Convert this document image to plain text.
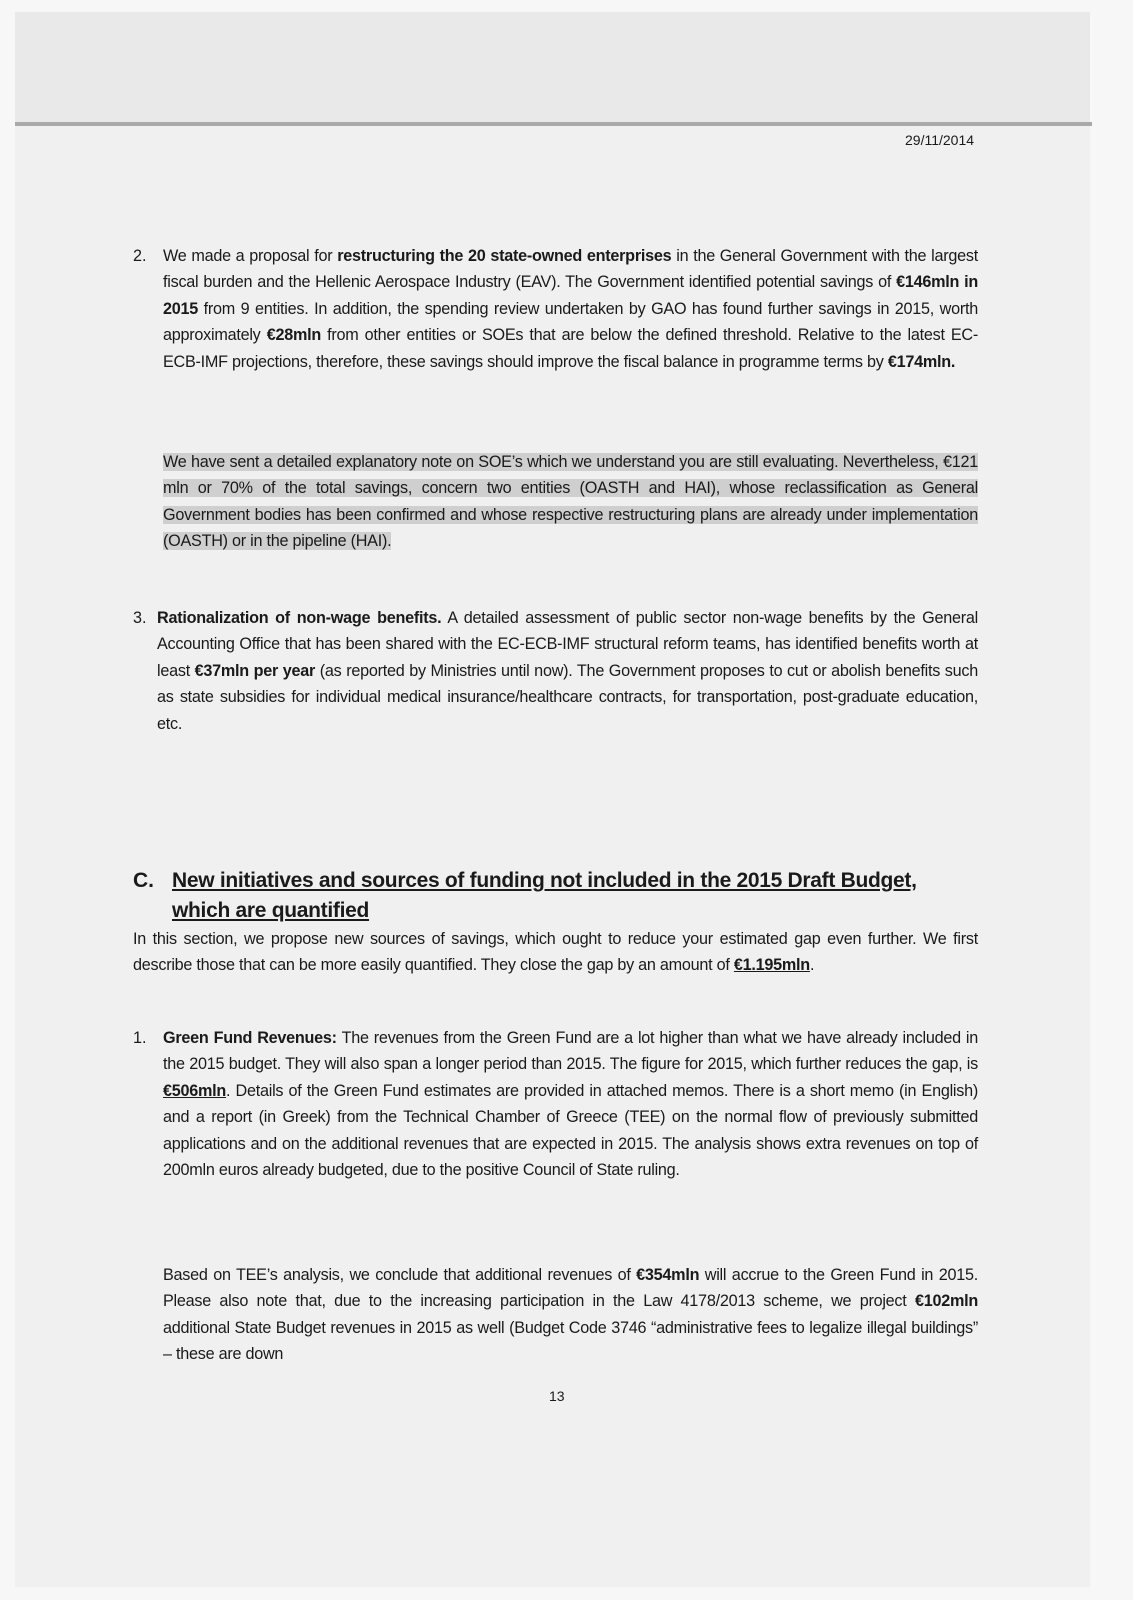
29/11/2014
2. We made a proposal for restructuring the 20 state-owned enterprises in the General Government with the largest fiscal burden and the Hellenic Aerospace Industry (EAV). The Government identified potential savings of €146mln in 2015 from 9 entities. In addition, the spending review undertaken by GAO has found further savings in 2015, worth approximately €28mln from other entities or SOEs that are below the defined threshold. Relative to the latest EC-ECB-IMF projections, therefore, these savings should improve the fiscal balance in programme terms by €174mln.
We have sent a detailed explanatory note on SOE’s which we understand you are still evaluating. Nevertheless, €121 mln or 70% of the total savings, concern two entities (OASTH and HAI), whose reclassification as General Government bodies has been confirmed and whose respective restructuring plans are already under implementation (OASTH) or in the pipeline (HAI).
3. Rationalization of non-wage benefits. A detailed assessment of public sector non-wage benefits by the General Accounting Office that has been shared with the EC-ECB-IMF structural reform teams, has identified benefits worth at least €37mln per year (as reported by Ministries until now). The Government proposes to cut or abolish benefits such as state subsidies for individual medical insurance/healthcare contracts, for transportation, post-graduate education, etc.
C. New initiatives and sources of funding not included in the 2015 Draft Budget, which are quantified
In this section, we propose new sources of savings, which ought to reduce your estimated gap even further. We first describe those that can be more easily quantified. They close the gap by an amount of €1.195mln.
1. Green Fund Revenues: The revenues from the Green Fund are a lot higher than what we have already included in the 2015 budget. They will also span a longer period than 2015. The figure for 2015, which further reduces the gap, is €506mln. Details of the Green Fund estimates are provided in attached memos. There is a short memo (in English) and a report (in Greek) from the Technical Chamber of Greece (TEE) on the normal flow of previously submitted applications and on the additional revenues that are expected in 2015. The analysis shows extra revenues on top of 200mln euros already budgeted, due to the positive Council of State ruling.
Based on TEE’s analysis, we conclude that additional revenues of €354mln will accrue to the Green Fund in 2015. Please also note that, due to the increasing participation in the Law 4178/2013 scheme, we project €102mln additional State Budget revenues in 2015 as well (Budget Code 3746 “administrative fees to legalize illegal buildings” – these are down
13
